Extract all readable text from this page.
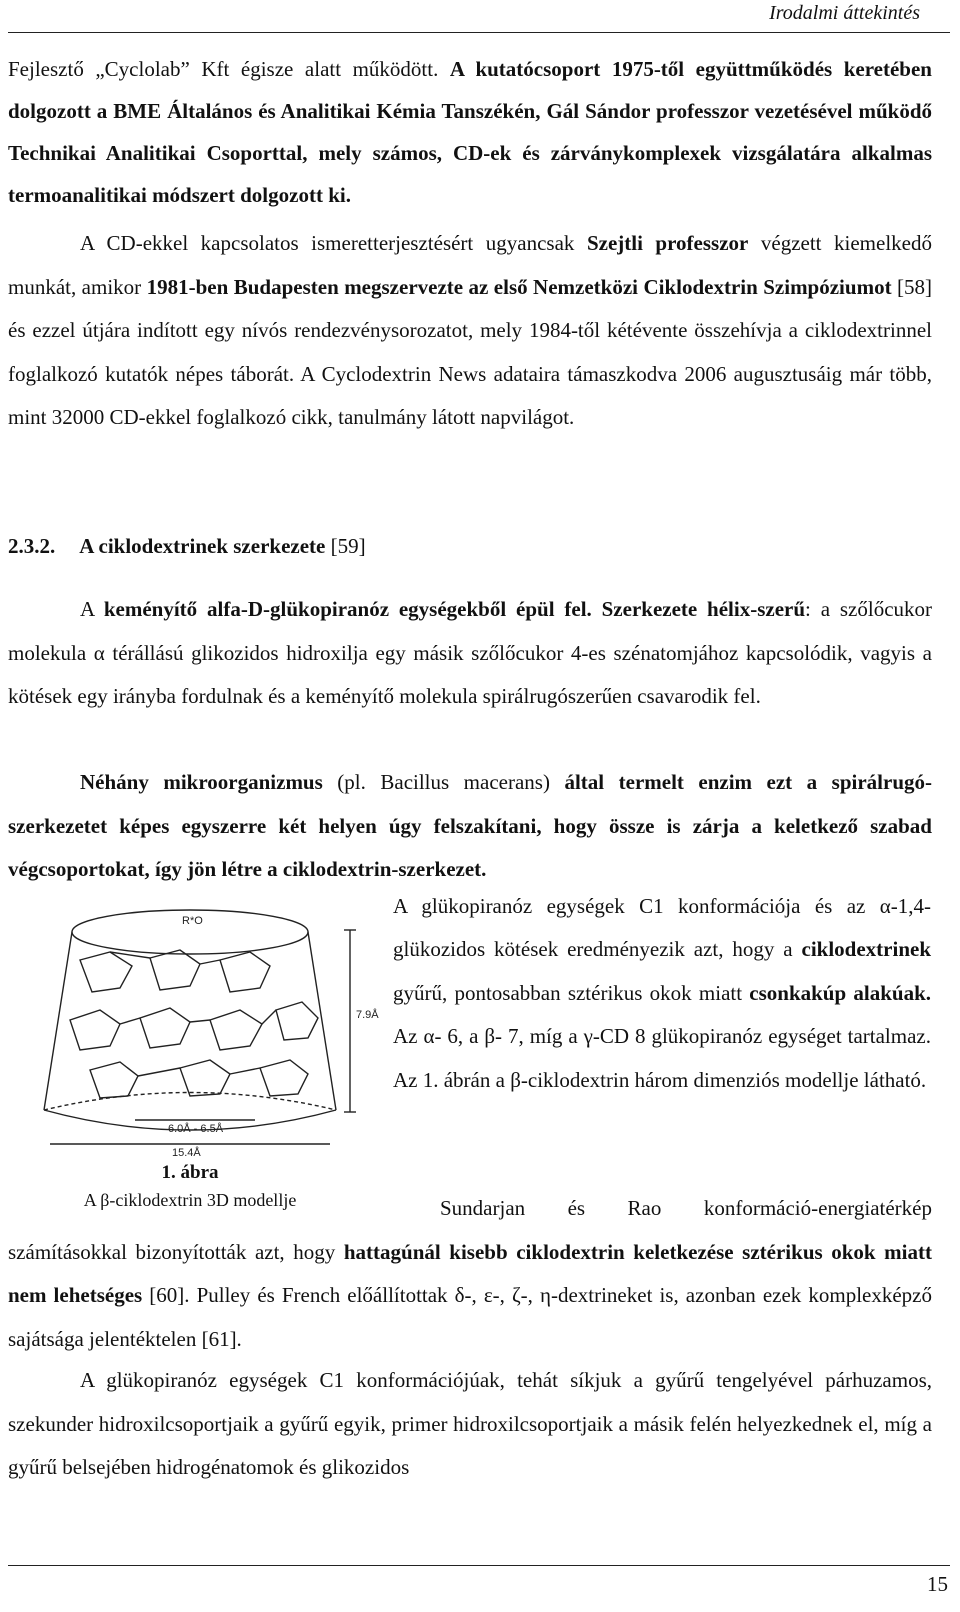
Irodalmi áttekintés

Fejlesztő „Cyclolab” Kft égisze alatt működött. A kutatócsoport 1975-től együttműködés keretében dolgozott a BME Általános és Analitikai Kémia Tanszékén, Gál Sándor professzor vezetésével működő Technikai Analitikai Csoporttal, mely számos, CD-ek és zárványkomplexek vizsgálatára alkalmas termoanalitikai módszert dolgozott ki.

A CD-ekkel kapcsolatos ismeretterjesztésért ugyancsak Szejtli professzor végzett kiemelkedő munkát, amikor 1981-ben Budapesten megszervezte az első Nemzetközi Ciklodextrin Szimpóziumot [58] és ezzel útjára indított egy nívós rendezvénysorozatot, mely 1984-től kétévente összehívja a ciklodextrinnel foglalkozó kutatók népes táborát. A Cyclodextrin News adataira támaszkodva 2006 augusztusáig már több, mint 32000 CD-ekkel foglalkozó cikk, tanulmány látott napvilágot.

2.3.2. A ciklodextrinek szerkezete [59]

A keményítő alfa-D-glükopiranóz egységekből épül fel. Szerkezete hélix-szerű: a szőlőcukor molekula α térállású glikozidos hidroxilja egy másik szőlőcukor 4-es szénatomjához kapcsolódik, vagyis a kötések egy irányba fordulnak és a keményítő molekula spirálrugószerűen csavarodik fel.

Néhány mikroorganizmus (pl. Bacillus macerans) által termelt enzim ezt a spirálrugó-szerkezetet képes egyszerre két helyen úgy felszakítani, hogy össze is zárja a keletkező szabad végcsoportokat, így jön létre a ciklodextrin-szerkezet.

R*O
7.9Å
6.0Å - 6.5Å
15.4Å
1. ábra
A β-ciklodextrin 3D modellje

A glükopiranóz egységek C1 konformációja és az α-1,4-glükozidos kötések eredményezik azt, hogy a ciklodextrinek gyűrű, pontosabban sztérikus okok miatt csonkakúp alakúak. Az α- 6, a β- 7, míg a γ-CD 8 glükopiranóz egységet tartalmaz. Az 1. ábrán a β-ciklodextrin három dimenziós modellje látható.

Sundarjan és Rao konformáció-energiatérkép számításokkal bizonyították azt, hogy hattagúnál kisebb ciklodextrin keletkezése sztérikus okok miatt nem lehetséges [60]. Pulley és French előállítottak δ-, ε-, ζ-, η-dextrineket is, azonban ezek komplexképző sajátsága jelentéktelen [61].

A glükopiranóz egységek C1 konformációjúak, tehát síkjuk a gyűrű tengelyével párhuzamos, szekunder hidroxilcsoportjaik a gyűrű egyik, primer hidroxilcsoportjaik a másik felén helyezkednek el, míg a gyűrű belsejében hidrogénatomok és glikozidos

15
